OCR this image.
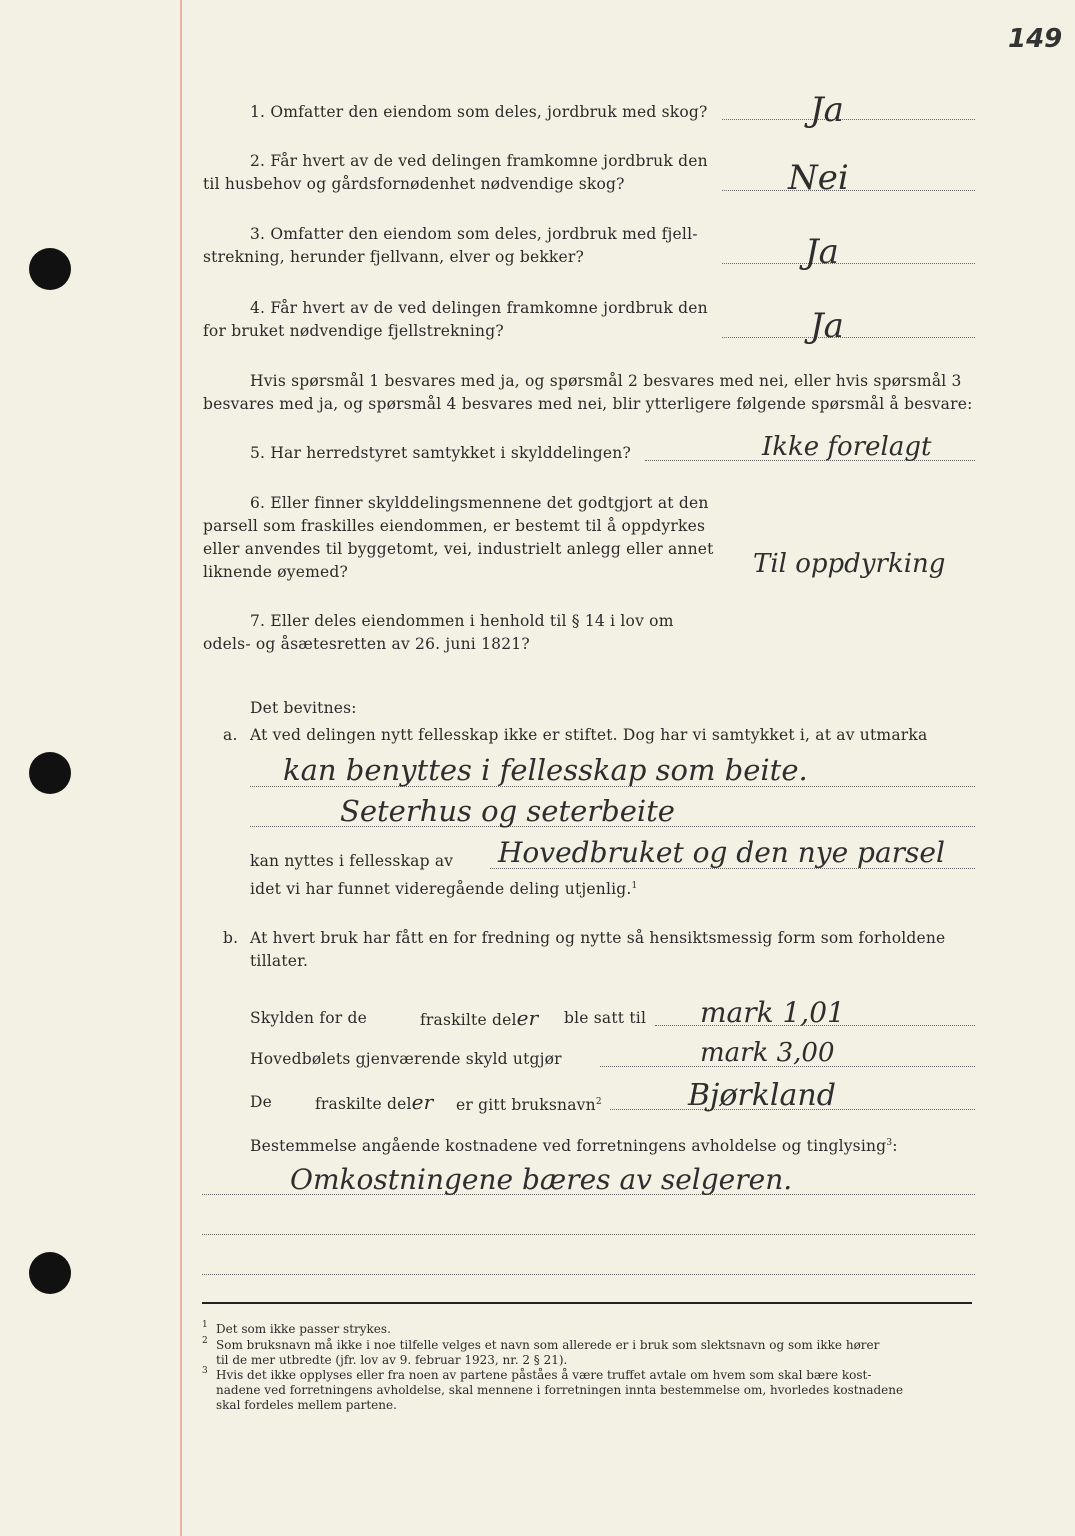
149
1. Omfatter den eiendom som deles, jordbruk med skog?	Ja
2. Får hvert av de ved delingen framkomne jordbruk den
til husbehov og gårdsfornødenhet nødvendige skog?	Nei
3. Omfatter den eiendom som deles, jordbruk med fjell-
strekning, herunder fjellvann, elver og bekker?	Ja
4. Får hvert av de ved delingen framkomne jordbruk den
for bruket nødvendige fjellstrekning?	Ja
Hvis spørsmål 1 besvares med ja, og spørsmål 2 besvares med nei, eller hvis spørsmål 3
besvares med ja, og spørsmål 4 besvares med nei, blir ytterligere følgende spørsmål å besvare:
5. Har herredstyret samtykket i skylddelingen?	Ikke forelagt
6. Eller finner skylddelingsmennene det godtgjort at den
parsell som fraskilles eiendommen, er bestemt til å oppdyrkes
eller anvendes til byggetomt, vei, industrielt anlegg eller annet
liknende øyemed?	Til oppdyrking
7. Eller deles eiendommen i henhold til § 14 i lov om
odels- og åsætesretten av 26. juni 1821?
Det bevitnes:
a. At ved delingen nytt fellesskap ikke er stiftet. Dog har vi samtykket i, at av utmarka
kan benyttes i fellesskap som beite.
Seterhus og seterbeite
kan nyttes i fellesskap av Hovedbruket og den nye parsel
idet vi har funnet videregående deling utjenlig.$^1$
b. At hvert bruk har fått en for fredning og nytte så hensiktsmessig form som forholdene
tillater.
Skylden for de	fraskilte deler ble satt til mark 1,01
Hovedbølets gjenværende skyld utgjør	mark 3,00
De	fraskilte deler er gitt bruksnavn$^2$	Bjørkland
Bestemmelse angående kostnadene ved forretningens avholdelse og tinglysing$^3$:
Omkostningene bæres av selgeren.
$^1$ Det som ikke passer strykes.
$^2$ Som bruksnavn må ikke i noe tilfelle velges et navn som allerede er i bruk som slektsnavn og som ikke hører
til de mer utbredte (jfr. lov av 9. februar 1923, nr. 2 § 21).
$^3$ Hvis det ikke opplyses eller fra noen av partene påståes å være truffet avtale om hvem som skal bære kost-
nadene ved forretningens avholdelse, skal mennene i forretningen innta bestemmelse om, hvorledes kostnadene
skal fordeles mellem partene.
